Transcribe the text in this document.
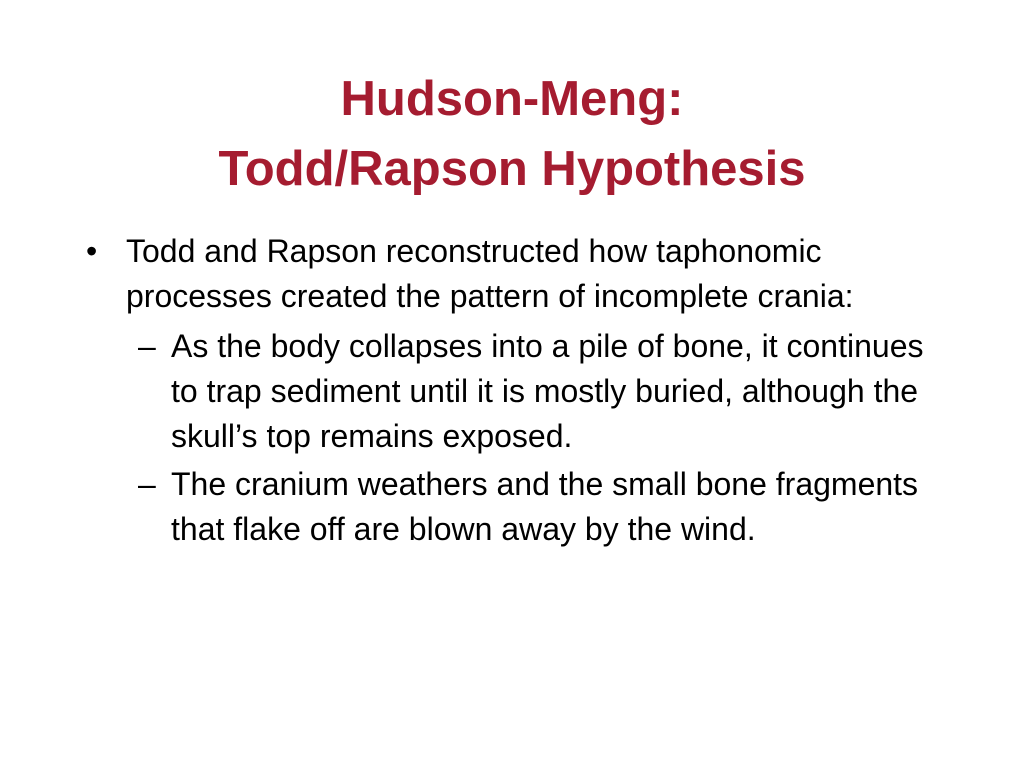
Hudson-Meng:
Todd/Rapson Hypothesis
• Todd and Rapson reconstructed how taphonomic processes created the pattern of incomplete crania:
– As the body collapses into a pile of bone, it continues to trap sediment until it is mostly buried, although the skull’s top remains exposed.
– The cranium weathers and the small bone fragments that flake off are blown away by the wind.
